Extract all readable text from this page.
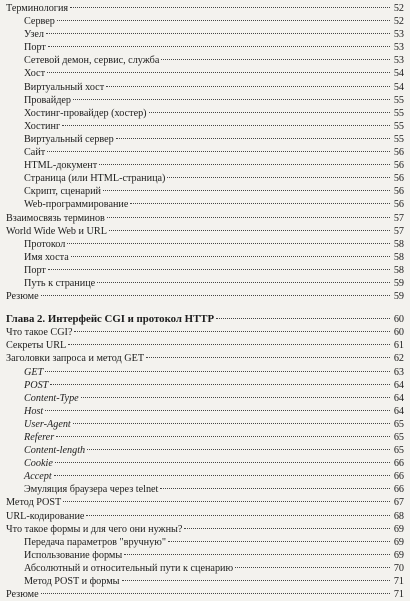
Терминология	52
Сервер	52
Узел	53
Порт	53
Сетевой демон, сервис, служба	53
Хост	54
Виртуальный хост	54
Провайдер	55
Хостинг-провайдер (хостер)	55
Хостинг	55
Виртуальный сервер	55
Сайт	56
HTML-документ	56
Страница (или HTML-страница)	56
Скрипт, сценарий	56
Web-программирование	56
Взаимосвязь терминов	57
World Wide Web и URL	57
Протокол	58
Имя хоста	58
Порт	58
Путь к странице	59
Резюме	59
Глава 2. Интерфейс CGI и протокол HTTP	60
Что такое CGI?	60
Секреты URL	61
Заголовки запроса и метод GET	62
GET	63
POST	64
Content-Type	64
Host	64
User-Agent	65
Referer	65
Content-length	65
Cookie	66
Accept	66
Эмуляция браузера через telnet	66
Метод POST	67
URL-кодирование	68
Что такое формы и для чего они нужны?	69
Передача параметров "вручную"	69
Использование формы	69
Абсолютный и относительный пути к сценарию	70
Метод POST и формы	71
Резюме	71
